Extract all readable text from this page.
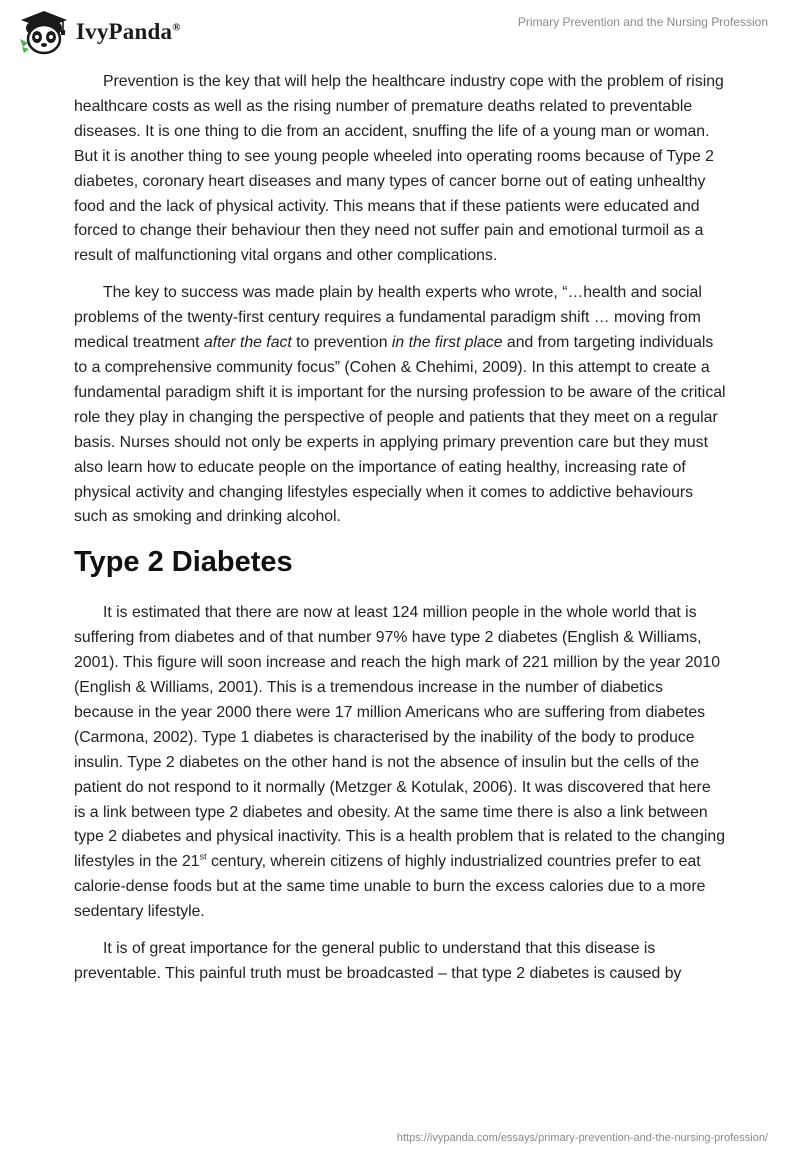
IvyPanda®	Primary Prevention and the Nursing Profession

Prevention is the key that will help the healthcare industry cope with the problem of rising healthcare costs as well as the rising number of premature deaths related to preventable diseases. It is one thing to die from an accident, snuffing the life of a young man or woman. But it is another thing to see young people wheeled into operating rooms because of Type 2 diabetes, coronary heart diseases and many types of cancer borne out of eating unhealthy food and the lack of physical activity. This means that if these patients were educated and forced to change their behaviour then they need not suffer pain and emotional turmoil as a result of malfunctioning vital organs and other complications.

The key to success was made plain by health experts who wrote, “…health and social problems of the twenty-first century requires a fundamental paradigm shift … moving from medical treatment after the fact to prevention in the first place and from targeting individuals to a comprehensive community focus” (Cohen & Chehimi, 2009). In this attempt to create a fundamental paradigm shift it is important for the nursing profession to be aware of the critical role they play in changing the perspective of people and patients that they meet on a regular basis. Nurses should not only be experts in applying primary prevention care but they must also learn how to educate people on the importance of eating healthy, increasing rate of physical activity and changing lifestyles especially when it comes to addictive behaviours such as smoking and drinking alcohol.

Type 2 Diabetes

It is estimated that there are now at least 124 million people in the whole world that is suffering from diabetes and of that number 97% have type 2 diabetes (English & Williams, 2001). This figure will soon increase and reach the high mark of 221 million by the year 2010 (English & Williams, 2001). This is a tremendous increase in the number of diabetics because in the year 2000 there were 17 million Americans who are suffering from diabetes (Carmona, 2002). Type 1 diabetes is characterised by the inability of the body to produce insulin. Type 2 diabetes on the other hand is not the absence of insulin but the cells of the patient do not respond to it normally (Metzger & Kotulak, 2006). It was discovered that here is a link between type 2 diabetes and obesity. At the same time there is also a link between type 2 diabetes and physical inactivity. This is a health problem that is related to the changing lifestyles in the 21st century, wherein citizens of highly industrialized countries prefer to eat calorie-dense foods but at the same time unable to burn the excess calories due to a more sedentary lifestyle.

It is of great importance for the general public to understand that this disease is preventable. This painful truth must be broadcasted – that type 2 diabetes is caused by

https://ivypanda.com/essays/primary-prevention-and-the-nursing-profession/
